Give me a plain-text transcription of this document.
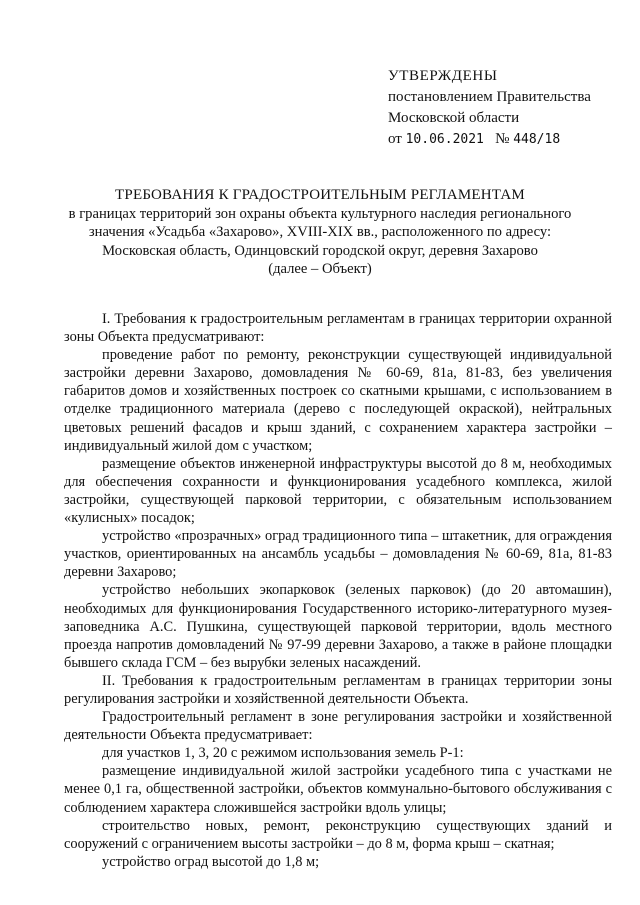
УТВЕРЖДЕНЫ
постановлением Правительства
Московской области
от 10.06.2021 № 448/18
ТРЕБОВАНИЯ К ГРАДОСТРОИТЕЛЬНЫМ РЕГЛАМЕНТАМ
в границах территорий зон охраны объекта культурного наследия регионального
значения «Усадьба «Захарово», XVIII-XIX вв., расположенного по адресу:
Московская область, Одинцовский городской округ, деревня Захарово
(далее – Объект)

I. Требования к градостроительным регламентам в границах территории охранной зоны Объекта предусматривают:

проведение работ по ремонту, реконструкции существующей индивидуальной застройки деревни Захарово, домовладения № 60-69, 81а, 81-83, без увеличения габаритов домов и хозяйственных построек со скатными крышами, с использованием в отделке традиционного материала (дерево с последующей окраской), нейтральных цветовых решений фасадов и крыш зданий, с сохранением характера застройки – индивидуальный жилой дом с участком;

размещение объектов инженерной инфраструктуры высотой до 8 м, необходимых для обеспечения сохранности и функционирования усадебного комплекса, жилой застройки, существующей парковой территории, с обязательным использованием «кулисных» посадок;

устройство «прозрачных» оград традиционного типа – штакетник, для ограждения участков, ориентированных на ансамбль усадьбы – домовладения № 60-69, 81а, 81-83 деревни Захарово;

устройство небольших экопарковок (зеленых парковок) (до 20 автомашин), необходимых для функционирования Государственного историко-литературного музея-заповедника А.С. Пушкина, существующей парковой территории, вдоль местного проезда напротив домовладений № 97-99 деревни Захарово, а также в районе площадки бывшего склада ГСМ – без вырубки зеленых насаждений.

II. Требования к градостроительным регламентам в границах территории зоны регулирования застройки и хозяйственной деятельности Объекта.

Градостроительный регламент в зоне регулирования застройки и хозяйственной деятельности Объекта предусматривает:

для участков 1, 3, 20 с режимом использования земель Р-1:

размещение индивидуальной жилой застройки усадебного типа с участками не менее 0,1 га, общественной застройки, объектов коммунально-бытового обслуживания с соблюдением характера сложившейся застройки вдоль улицы;

строительство новых, ремонт, реконструкцию существующих зданий и сооружений с ограничением высоты застройки – до 8 м, форма крыш – скатная;

устройство оград высотой до 1,8 м;
